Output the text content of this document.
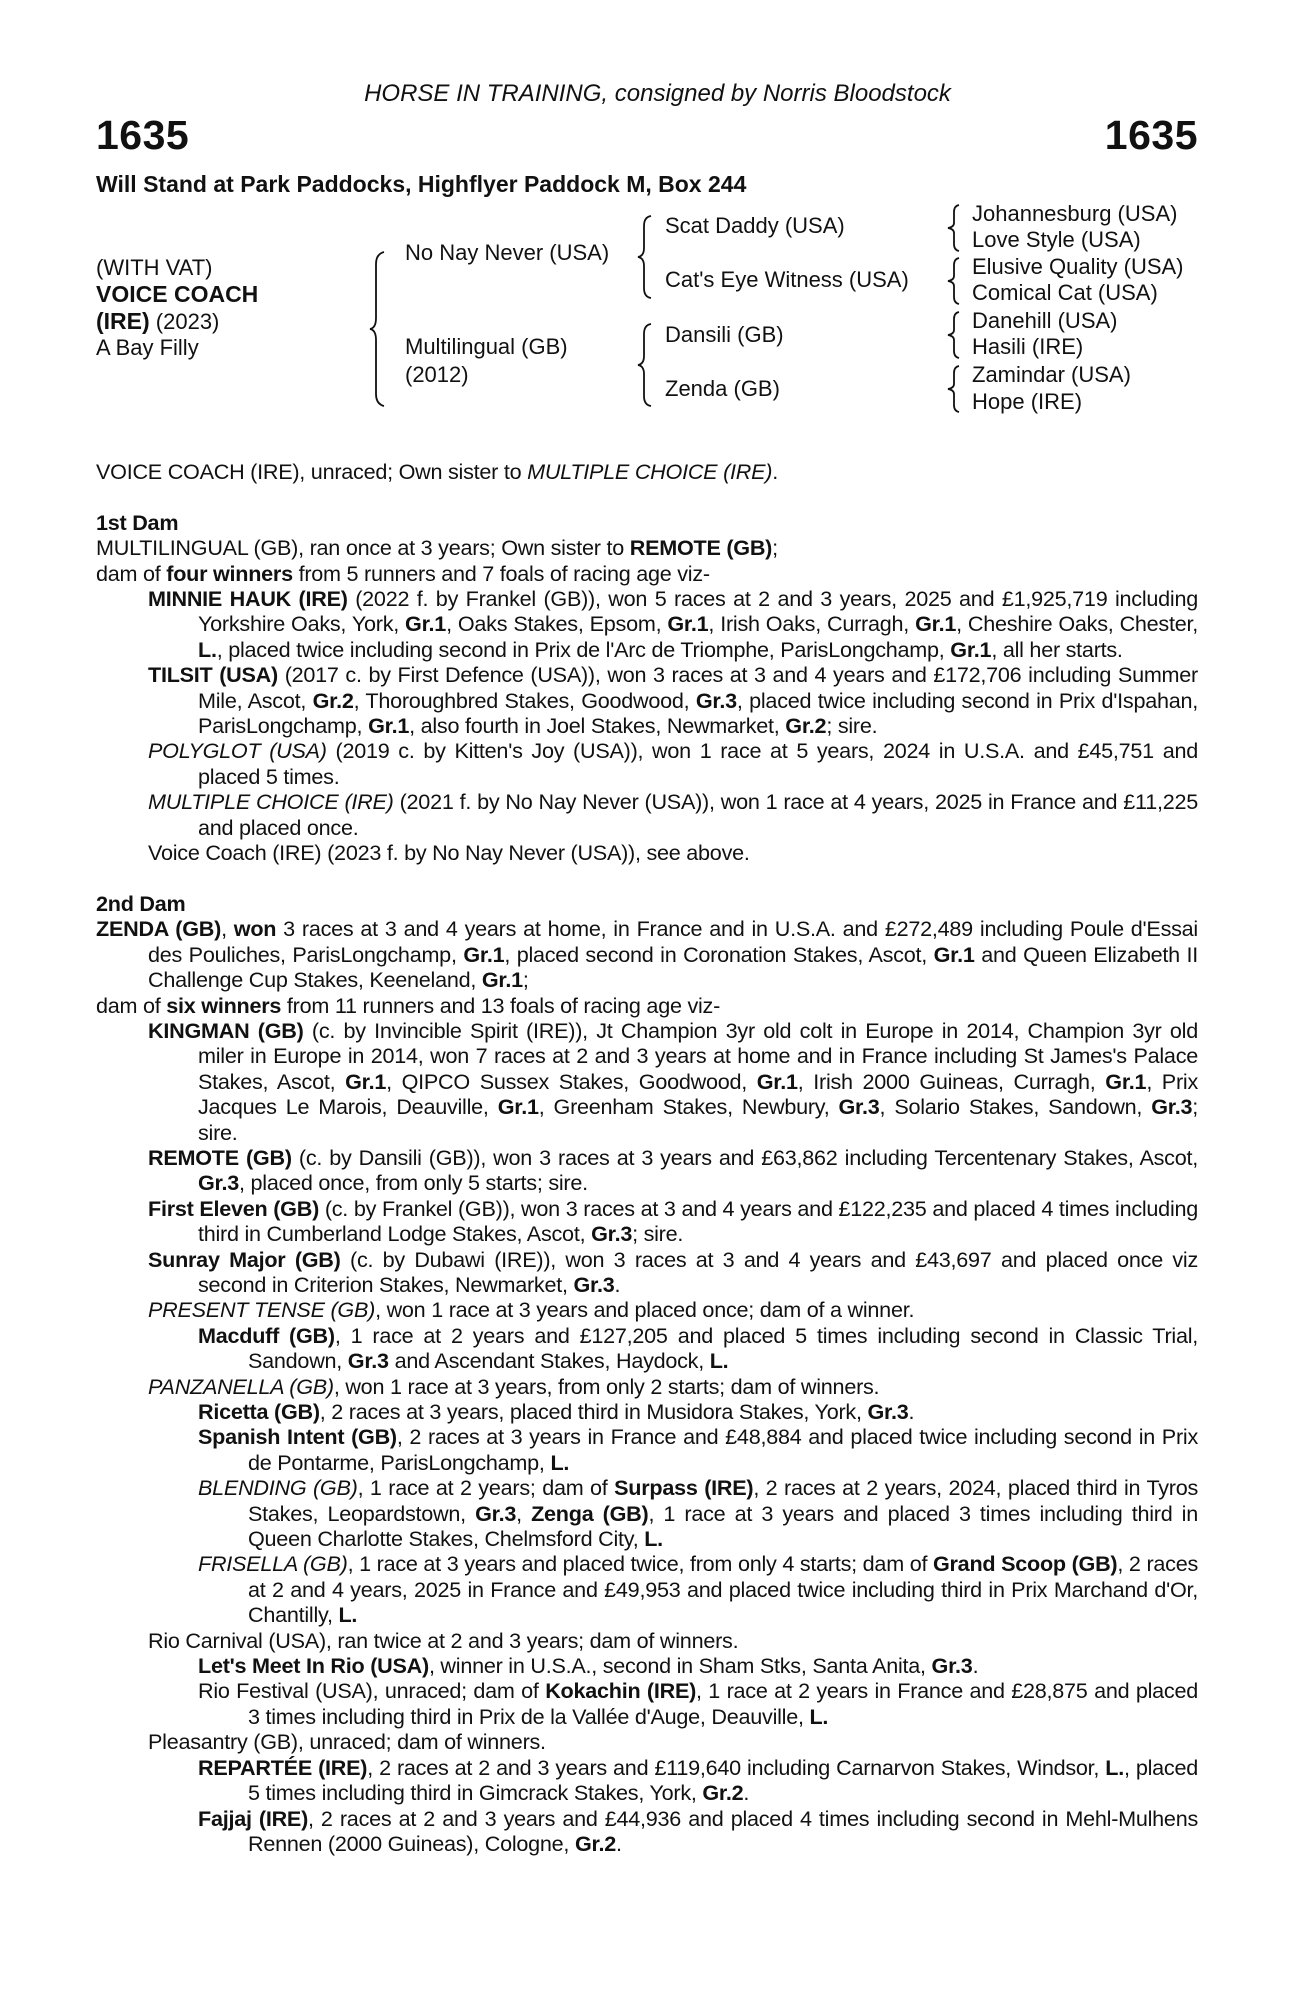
HORSE IN TRAINING, consigned by Norris Bloodstock
1635	1635
Will Stand at Park Paddocks, Highflyer Paddock M, Box 244
(WITH VAT)
VOICE COACH
(IRE) (2023)
A Bay Filly
No Nay Never (USA)
Multilingual (GB)
(2012)
Scat Daddy (USA)
Cat's Eye Witness (USA)
Dansili (GB)
Zenda (GB)
Johannesburg (USA)
Love Style (USA)
Elusive Quality (USA)
Comical Cat (USA)
Danehill (USA)
Hasili (IRE)
Zamindar (USA)
Hope (IRE)

VOICE COACH (IRE), unraced; Own sister to MULTIPLE CHOICE (IRE).

1st Dam

MULTILINGUAL (GB), ran once at 3 years; Own sister to REMOTE (GB);

dam of four winners from 5 runners and 7 foals of racing age viz-

MINNIE HAUK (IRE) (2022 f. by Frankel (GB)), won 5 races at 2 and 3 years, 2025 and £1,925,719 including Yorkshire Oaks, York, Gr.1, Oaks Stakes, Epsom, Gr.1, Irish Oaks, Curragh, Gr.1, Cheshire Oaks, Chester, L., placed twice including second in Prix de l'Arc de Triomphe, ParisLongchamp, Gr.1, all her starts.

TILSIT (USA) (2017 c. by First Defence (USA)), won 3 races at 3 and 4 years and £172,706 including Summer Mile, Ascot, Gr.2, Thoroughbred Stakes, Goodwood, Gr.3, placed twice including second in Prix d'Ispahan, ParisLongchamp, Gr.1, also fourth in Joel Stakes, Newmarket, Gr.2; sire.

POLYGLOT (USA) (2019 c. by Kitten's Joy (USA)), won 1 race at 5 years, 2024 in U.S.A. and £45,751 and placed 5 times.

MULTIPLE CHOICE (IRE) (2021 f. by No Nay Never (USA)), won 1 race at 4 years, 2025 in France and £11,225 and placed once.

Voice Coach (IRE) (2023 f. by No Nay Never (USA)), see above.

2nd Dam

ZENDA (GB), won 3 races at 3 and 4 years at home, in France and in U.S.A. and £272,489 including Poule d'Essai des Pouliches, ParisLongchamp, Gr.1, placed second in Coronation Stakes, Ascot, Gr.1 and Queen Elizabeth II Challenge Cup Stakes, Keeneland, Gr.1;

dam of six winners from 11 runners and 13 foals of racing age viz-

KINGMAN (GB) (c. by Invincible Spirit (IRE)), Jt Champion 3yr old colt in Europe in 2014, Champion 3yr old miler in Europe in 2014, won 7 races at 2 and 3 years at home and in France including St James's Palace Stakes, Ascot, Gr.1, QIPCO Sussex Stakes, Goodwood, Gr.1, Irish 2000 Guineas, Curragh, Gr.1, Prix Jacques Le Marois, Deauville, Gr.1, Greenham Stakes, Newbury, Gr.3, Solario Stakes, Sandown, Gr.3; sire.

REMOTE (GB) (c. by Dansili (GB)), won 3 races at 3 years and £63,862 including Tercentenary Stakes, Ascot, Gr.3, placed once, from only 5 starts; sire.

First Eleven (GB) (c. by Frankel (GB)), won 3 races at 3 and 4 years and £122,235 and placed 4 times including third in Cumberland Lodge Stakes, Ascot, Gr.3; sire.

Sunray Major (GB) (c. by Dubawi (IRE)), won 3 races at 3 and 4 years and £43,697 and placed once viz second in Criterion Stakes, Newmarket, Gr.3.

PRESENT TENSE (GB), won 1 race at 3 years and placed once; dam of a winner.

Macduff (GB), 1 race at 2 years and £127,205 and placed 5 times including second in Classic Trial, Sandown, Gr.3 and Ascendant Stakes, Haydock, L.

PANZANELLA (GB), won 1 race at 3 years, from only 2 starts; dam of winners.

Ricetta (GB), 2 races at 3 years, placed third in Musidora Stakes, York, Gr.3.

Spanish Intent (GB), 2 races at 3 years in France and £48,884 and placed twice including second in Prix de Pontarme, ParisLongchamp, L.

BLENDING (GB), 1 race at 2 years; dam of Surpass (IRE), 2 races at 2 years, 2024, placed third in Tyros Stakes, Leopardstown, Gr.3, Zenga (GB), 1 race at 3 years and placed 3 times including third in Queen Charlotte Stakes, Chelmsford City, L.

FRISELLA (GB), 1 race at 3 years and placed twice, from only 4 starts; dam of Grand Scoop (GB), 2 races at 2 and 4 years, 2025 in France and £49,953 and placed twice including third in Prix Marchand d'Or, Chantilly, L.

Rio Carnival (USA), ran twice at 2 and 3 years; dam of winners.

Let's Meet In Rio (USA), winner in U.S.A., second in Sham Stks, Santa Anita, Gr.3.

Rio Festival (USA), unraced; dam of Kokachin (IRE), 1 race at 2 years in France and £28,875 and placed 3 times including third in Prix de la Vallée d'Auge, Deauville, L.

Pleasantry (GB), unraced; dam of winners.

REPARTÉE (IRE), 2 races at 2 and 3 years and £119,640 including Carnarvon Stakes, Windsor, L., placed 5 times including third in Gimcrack Stakes, York, Gr.2.

Fajjaj (IRE), 2 races at 2 and 3 years and £44,936 and placed 4 times including second in Mehl-Mulhens Rennen (2000 Guineas), Cologne, Gr.2.
